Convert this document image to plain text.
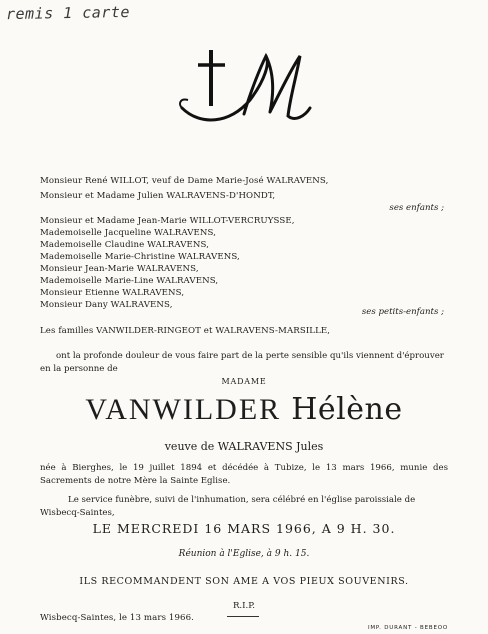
remis 1 carte
Monsieur René WILLOT, veuf de Dame Marie-José WALRAVENS,
Monsieur et Madame Julien WALRAVENS-D'HONDT,
ses enfants ;
Monsieur et Madame Jean-Marie WILLOT-VERCRUYSSE,
Mademoiselle Jacqueline WALRAVENS,
Mademoiselle Claudine WALRAVENS,
Mademoiselle Marie-Christine WALRAVENS,
Monsieur Jean-Marie WALRAVENS,
Mademoiselle Marie-Line WALRAVENS,
Monsieur Etienne WALRAVENS,
Monsieur Dany WALRAVENS,
ses petits-enfants ;
Les familles VANWILDER-RINGEOT et WALRAVENS-MARSILLE,
ont la profonde douleur de vous faire part de la perte sensible qu'ils viennent d'éprouver en la personne de
MADAME
VANWILDER Hélène
veuve de WALRAVENS Jules
née à Bierghes, le 19 juillet 1894 et décédée à Tubize, le 13 mars 1966, munie des Sacrements de notre Mère la Sainte Eglise.
Le service funèbre, suivi de l'inhumation, sera célébré en l'église paroissiale de Wisbecq-Saintes,
LE MERCREDI 16 MARS 1966, A 9 H. 30.
Réunion à l'Eglise, à 9 h. 15.
ILS RECOMMANDENT SON AME A VOS PIEUX SOUVENIRS.
R.I.P.
Wisbecq-Saintes, le 13 mars 1966.
IMP. DURANT - BEBEOO
